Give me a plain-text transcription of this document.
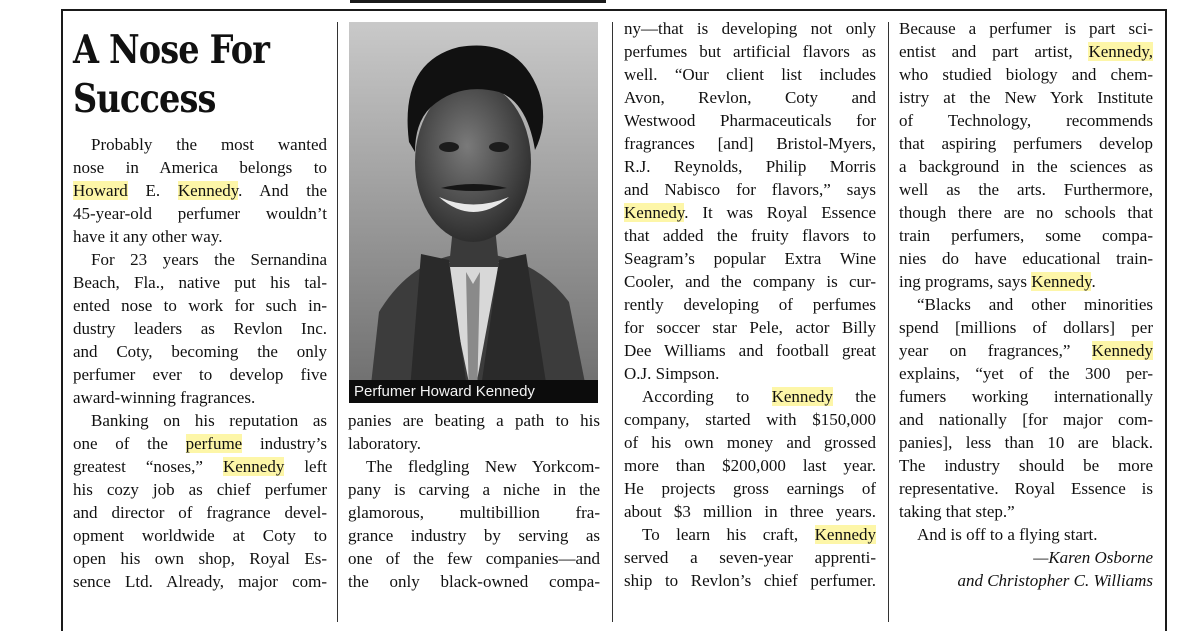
A Nose For
Success
Perfumer Howard Kennedy
Probably the most wanted
nose in America belongs to
Howard E. Kennedy. And the
45-year-old perfumer wouldn’t
have it any other way.
For 23 years the Sernandina
Beach, Fla., native put his tal-
ented nose to work for such in-
dustry leaders as Revlon Inc.
and Coty, becoming the only
perfumer ever to develop five
award-winning fragrances.
Banking on his reputation as
one of the perfume industry’s
greatest “noses,” Kennedy left
his cozy job as chief perfumer
and director of fragrance devel-
opment worldwide at Coty to
open his own shop, Royal Es-
sence Ltd. Already, major com-
panies are beating a path to his
laboratory.
The fledgling New Yorkcom-
pany is carving a niche in the
glamorous, multibillion fra-
grance industry by serving as
one of the few companies—and
the only black-owned compa-
ny—that is developing not only
perfumes but artificial flavors as
well. “Our client list includes
Avon, Revlon, Coty and
Westwood Pharmaceuticals for
fragrances [and] Bristol-Myers,
R.J. Reynolds, Philip Morris
and Nabisco for flavors,” says
Kennedy. It was Royal Essence
that added the fruity flavors to
Seagram’s popular Extra Wine
Cooler, and the company is cur-
rently developing of perfumes
for soccer star Pele, actor Billy
Dee Williams and football great
O.J. Simpson.
According to Kennedy the
company, started with $150,000
of his own money and grossed
more than $200,000 last year.
He projects gross earnings of
about $3 million in three years.
To learn his craft, Kennedy
served a seven-year apprenti-
ship to Revlon’s chief perfumer.
Because a perfumer is part sci-
entist and part artist, Kennedy,
who studied biology and chem-
istry at the New York Institute
of Technology, recommends
that aspiring perfumers develop
a background in the sciences as
well as the arts. Furthermore,
though there are no schools that
train perfumers, some compa-
nies do have educational train-
ing programs, says Kennedy.
“Blacks and other minorities
spend [millions of dollars] per
year on fragrances,” Kennedy
explains, “yet of the 300 per-
fumers working internationally
and nationally [for major com-
panies], less than 10 are black.
The industry should be more
representative. Royal Essence is
taking that step.”
And is off to a flying start.
—Karen Osborne
and Christopher C. Williams
